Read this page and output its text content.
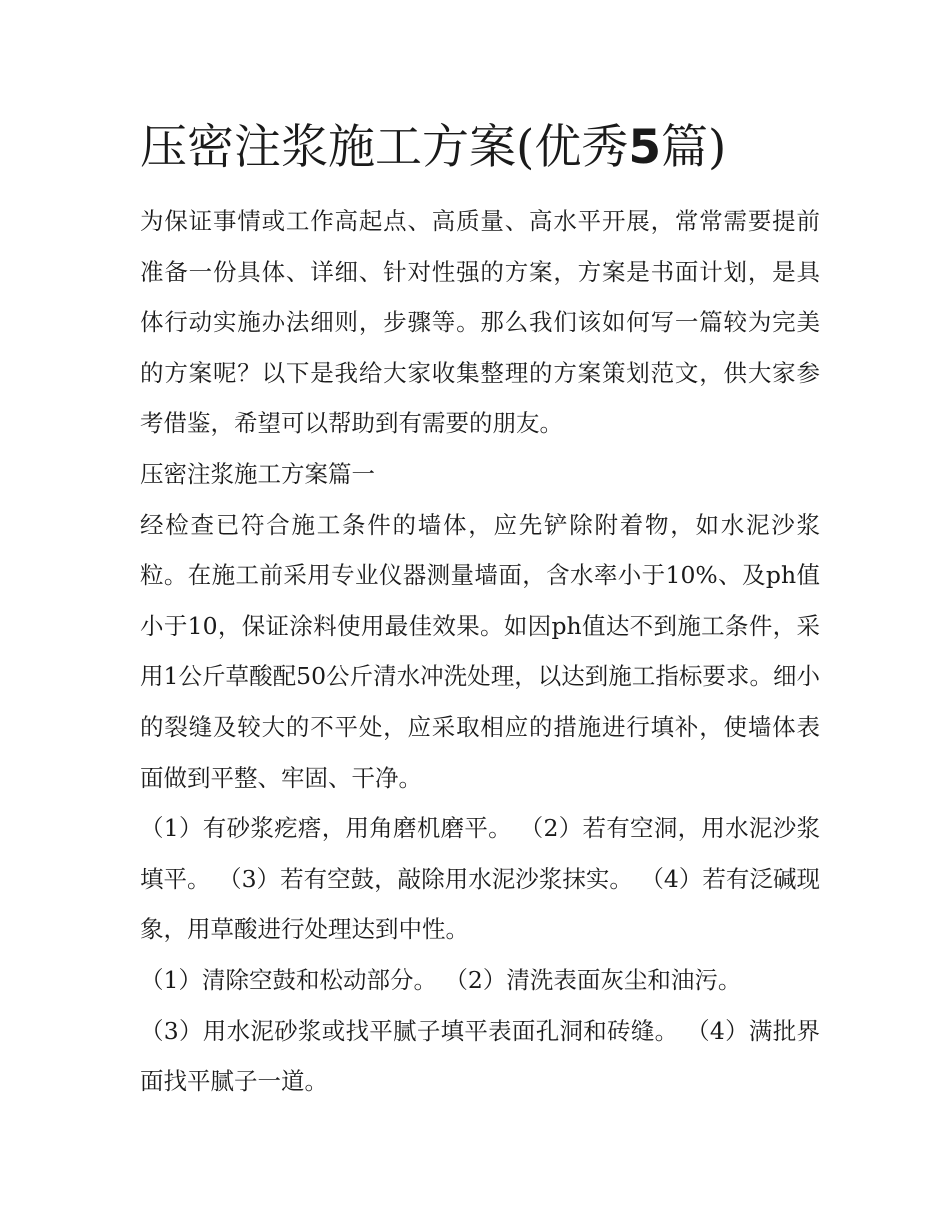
压密注浆施工方案(优秀5篇)

为保证事情或工作高起点、高质量、高水平开展，常常需要提前准备一份具体、详细、针对性强的方案，方案是书面计划，是具体行动实施办法细则，步骤等。那么我们该如何写一篇较为完美的方案呢？以下是我给大家收集整理的方案策划范文，供大家参考借鉴，希望可以帮助到有需要的朋友。

压密注浆施工方案篇一

经检查已符合施工条件的墙体，应先铲除附着物，如水泥沙浆粒。在施工前采用专业仪器测量墙面，含水率小于10%、及ph值小于10，保证涂料使用最佳效果。如因ph值达不到施工条件，采用1公斤草酸配50公斤清水冲洗处理，以达到施工指标要求。细小的裂缝及较大的不平处，应采取相应的措施进行填补，使墙体表面做到平整、牢固、干净。

（1）有砂浆疙瘩，用角磨机磨平。 （2）若有空洞，用水泥沙浆填平。 （3）若有空鼓，敲除用水泥沙浆抹实。 （4）若有泛碱现象，用草酸进行处理达到中性。

（1）清除空鼓和松动部分。 （2）清洗表面灰尘和油污。

（3）用水泥砂浆或找平腻子填平表面孔洞和砖缝。 （4）满批界面找平腻子一道。
